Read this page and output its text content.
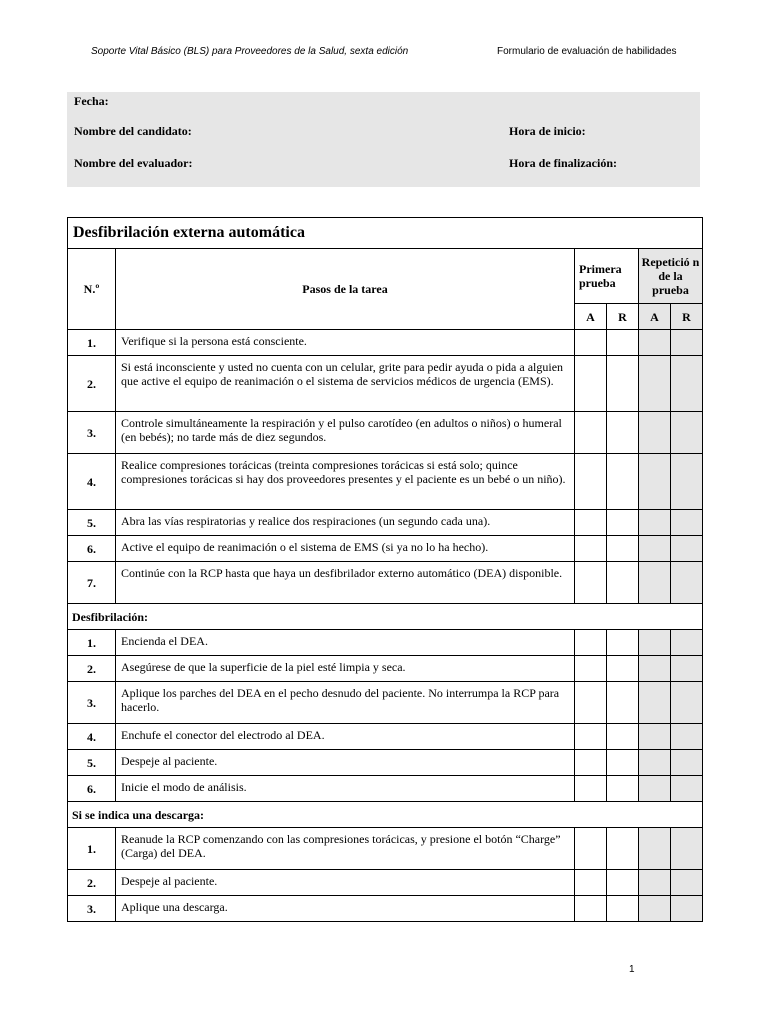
Soporte Vital Básico (BLS) para Proveedores de la Salud, sexta edición	Formulario de evaluación de habilidades
Fecha:
Nombre del candidato:
Nombre del evaluador:
Hora de inicio:
Hora de finalización:
Desfibrilación externa automática					
N.º	Pasos de la tarea	Primera prueba		Repetició n de la prueba	
		A	R	A	R
1.	Verifique si la persona está consciente.				
2.	Si está inconsciente y usted no cuenta con un celular, grite para pedir ayuda o pida a alguien que active el equipo de reanimación o el sistema de servicios médicos de urgencia (EMS).				
3.	Controle simultáneamente la respiración y el pulso carotídeo (en adultos o niños) o humeral (en bebés); no tarde más de diez segundos.				
4.	Realice compresiones torácicas (treinta compresiones torácicas si está solo; quince compresiones torácicas si hay dos proveedores presentes y el paciente es un bebé o un niño).				
5.	Abra las vías respiratorias y realice dos respiraciones (un segundo cada una).				
6.	Active el equipo de reanimación o el sistema de EMS (si ya no lo ha hecho).				
7.	Continúe con la RCP hasta que haya un desfibrilador externo automático (DEA) disponible.				
Desfibrilación:					
1.	Encienda el DEA.				
2.	Asegúrese de que la superficie de la piel esté limpia y seca.				
3.	Aplique los parches del DEA en el pecho desnudo del paciente. No interrumpa la RCP para hacerlo.				
4.	Enchufe el conector del electrodo al DEA.				
5.	Despeje al paciente.				
6.	Inicie el modo de análisis.				
Si se indica una descarga:					
1.	Reanude la RCP comenzando con las compresiones torácicas, y presione el botón “Charge” (Carga) del DEA.				
2.	Despeje al paciente.				
3.	Aplique una descarga.				
1
